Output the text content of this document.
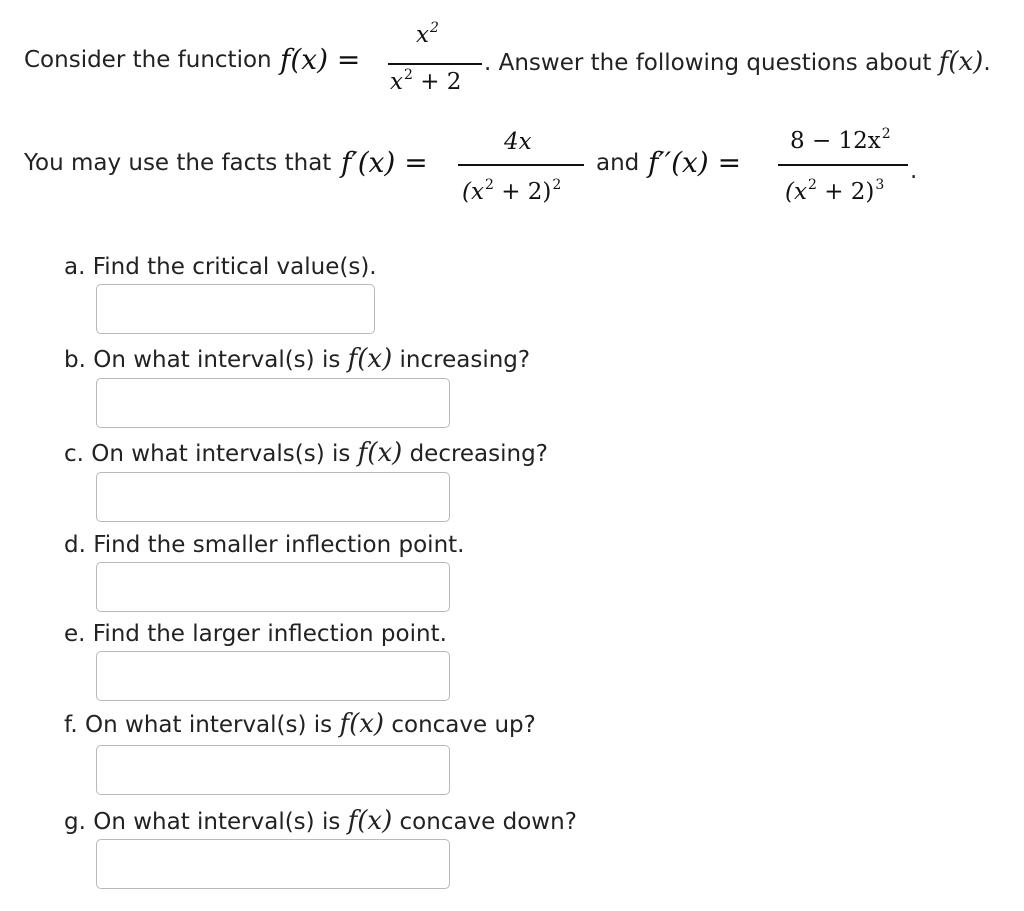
Consider the function f(x) =
$x^2$
$x^2 + 2$
. Answer the following questions about f(x).
You may use the facts that f′(x) =
4x
$(x^2 + 2)^2$
and f′′(x) =
$8 - 12x^2$
$(x^2 + 2)^3$
.
a. Find the critical value(s).
b. On what interval(s) is f(x) increasing?
c. On what intervals(s) is f(x) decreasing?
d. Find the smaller inflection point.
e. Find the larger inflection point.
f. On what interval(s) is f(x) concave up?
g. On what interval(s) is f(x) concave down?
